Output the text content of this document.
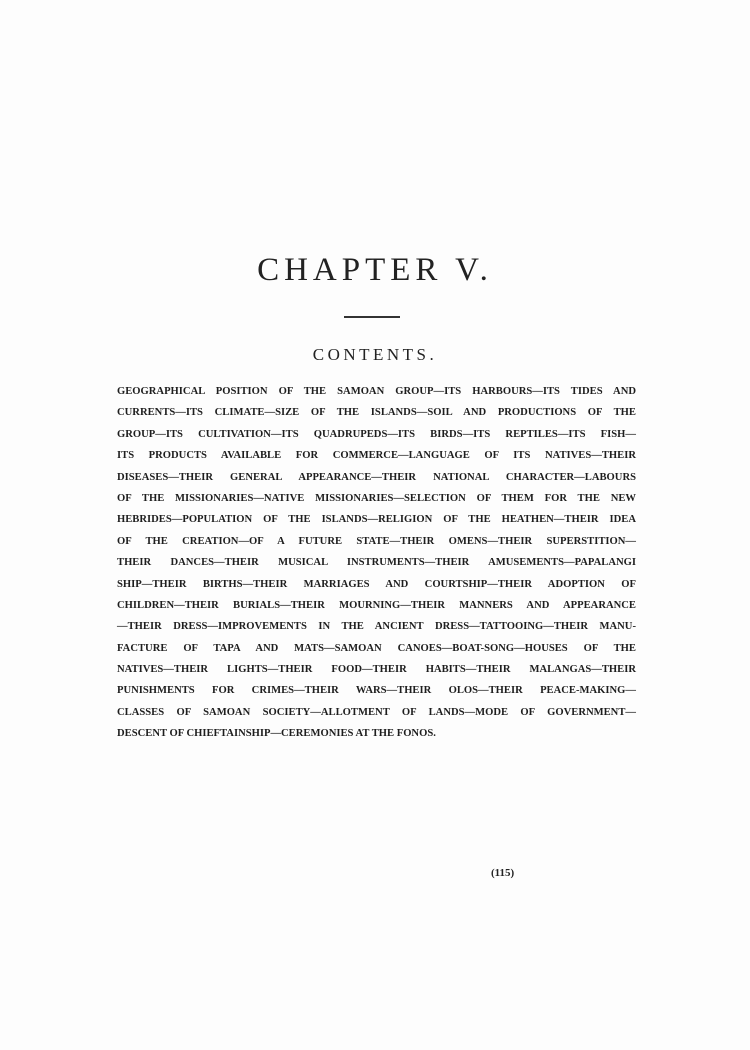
CHAPTER V.
CONTENTS.
GEOGRAPHICAL POSITION OF THE SAMOAN GROUP—ITS HARBOURS—ITS TIDES AND
CURRENTS—ITS CLIMATE—SIZE OF THE ISLANDS—SOIL AND PRODUCTIONS OF THE
GROUP—ITS CULTIVATION—ITS QUADRUPEDS—ITS BIRDS—ITS REPTILES—ITS FISH—
ITS PRODUCTS AVAILABLE FOR COMMERCE—LANGUAGE OF ITS NATIVES—THEIR
DISEASES—THEIR GENERAL APPEARANCE—THEIR NATIONAL CHARACTER—LABOURS
OF THE MISSIONARIES—NATIVE MISSIONARIES—SELECTION OF THEM FOR THE NEW
HEBRIDES—POPULATION OF THE ISLANDS—RELIGION OF THE HEATHEN—THEIR IDEA
OF THE CREATION—OF A FUTURE STATE—THEIR OMENS—THEIR SUPERSTITION—
THEIR DANCES—THEIR MUSICAL INSTRUMENTS—THEIR AMUSEMENTS—PAPALANGI
SHIP—THEIR BIRTHS—THEIR MARRIAGES AND COURTSHIP—THEIR ADOPTION OF
CHILDREN—THEIR BURIALS—THEIR MOURNING—THEIR MANNERS AND APPEARANCE
—THEIR DRESS—IMPROVEMENTS IN THE ANCIENT DRESS—TATTOOING—THEIR MANU-
FACTURE OF TAPA AND MATS—SAMOAN CANOES—BOAT-SONG—HOUSES OF THE
NATIVES—THEIR LIGHTS—THEIR FOOD—THEIR HABITS—THEIR MALANGAS—THEIR
PUNISHMENTS FOR CRIMES—THEIR WARS—THEIR OLOS—THEIR PEACE-MAKING—
CLASSES OF SAMOAN SOCIETY—ALLOTMENT OF LANDS—MODE OF GOVERNMENT—
DESCENT OF CHIEFTAINSHIP—CEREMONIES AT THE FONOS.
(115)
